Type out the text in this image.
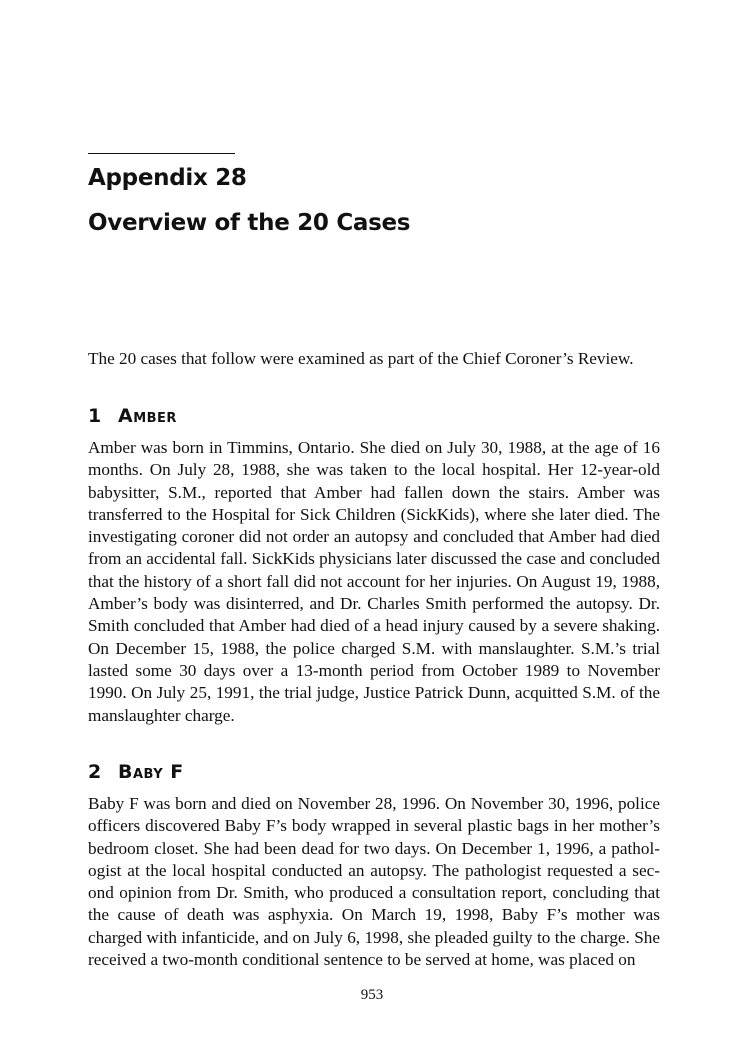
Appendix 28
Overview of the 20 Cases

The 20 cases that follow were examined as part of the Chief Coroner’s Review.

1 Amber

Amber was born in Timmins, Ontario. She died on July 30, 1988, at the age of 16 months. On July 28, 1988, she was taken to the local hospital. Her 12-year-old babysitter, S.M., reported that Amber had fallen down the stairs. Amber was transferred to the Hospital for Sick Children (SickKids), where she later died. The investigating coroner did not order an autopsy and concluded that Amber had died from an accidental fall. SickKids physicians later discussed the case and concluded that the history of a short fall did not account for her injuries. On August 19, 1988, Amber’s body was disinterred, and Dr. Charles Smith performed the autopsy. Dr. Smith concluded that Amber had died of a head injury caused by a severe shaking. On December 15, 1988, the police charged S.M. with manslaughter. S.M.’s trial lasted some 30 days over a 13-month period from October 1989 to November 1990. On July 25, 1991, the trial judge, Justice Patrick Dunn, acquitted S.M. of the manslaughter charge.

2 Baby F

Baby F was born and died on November 28, 1996. On November 30, 1996, police officers discovered Baby F’s body wrapped in several plastic bags in her mother’s bedroom closet. She had been dead for two days. On December 1, 1996, a pathologist at the local hospital conducted an autopsy. The pathologist requested a second opinion from Dr. Smith, who produced a consultation report, concluding that the cause of death was asphyxia. On March 19, 1998, Baby F’s mother was charged with infanticide, and on July 6, 1998, she pleaded guilty to the charge. She received a two-month conditional sentence to be served at home, was placed on

953
